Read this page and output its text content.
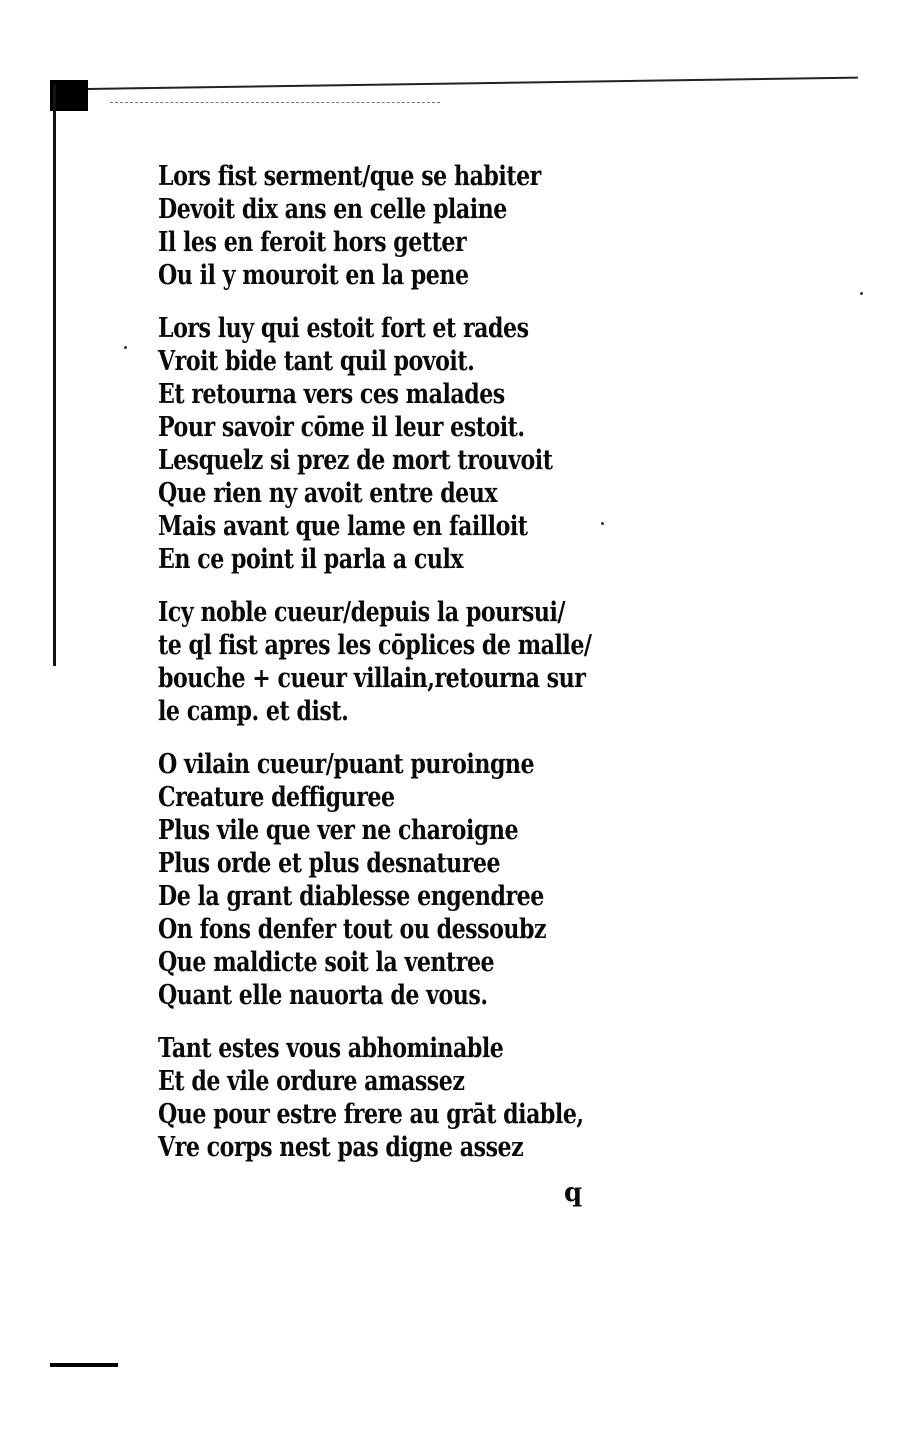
Lors fist serment/que se habiter
Devoit dix ans en celle plaine
Il les en feroit hors getter
Ou il y mouroit en la pene
Lors luy qui estoit fort et rades
Vroit bide tant quil povoit.
Et retourna vers ces malades
Pour savoir cōme il leur estoit.
Lesquelz si prez de mort trouvoit
Que rien ny avoit entre deux
Mais avant que lame en failloit
En ce point il parla a culx
Icy noble cueur/depuis la poursui/
te ql fist apres les cōplices de malle/
bouche + cueur villain,retourna sur
le camp. et dist.
O vilain cueur/puant puroingne
Creature deffiguree
Plus vile que ver ne charoigne
Plus orde et plus desnaturee
De la grant diablesse engendree
On fons denfer tout ou dessoubz
Que maldicte soit la ventree
Quant elle nauorta de vous.
Tant estes vous abhominable
Et de vile ordure amassez
Que pour estre frere au grāt diable,
Vre corps nest pas digne assez
q
